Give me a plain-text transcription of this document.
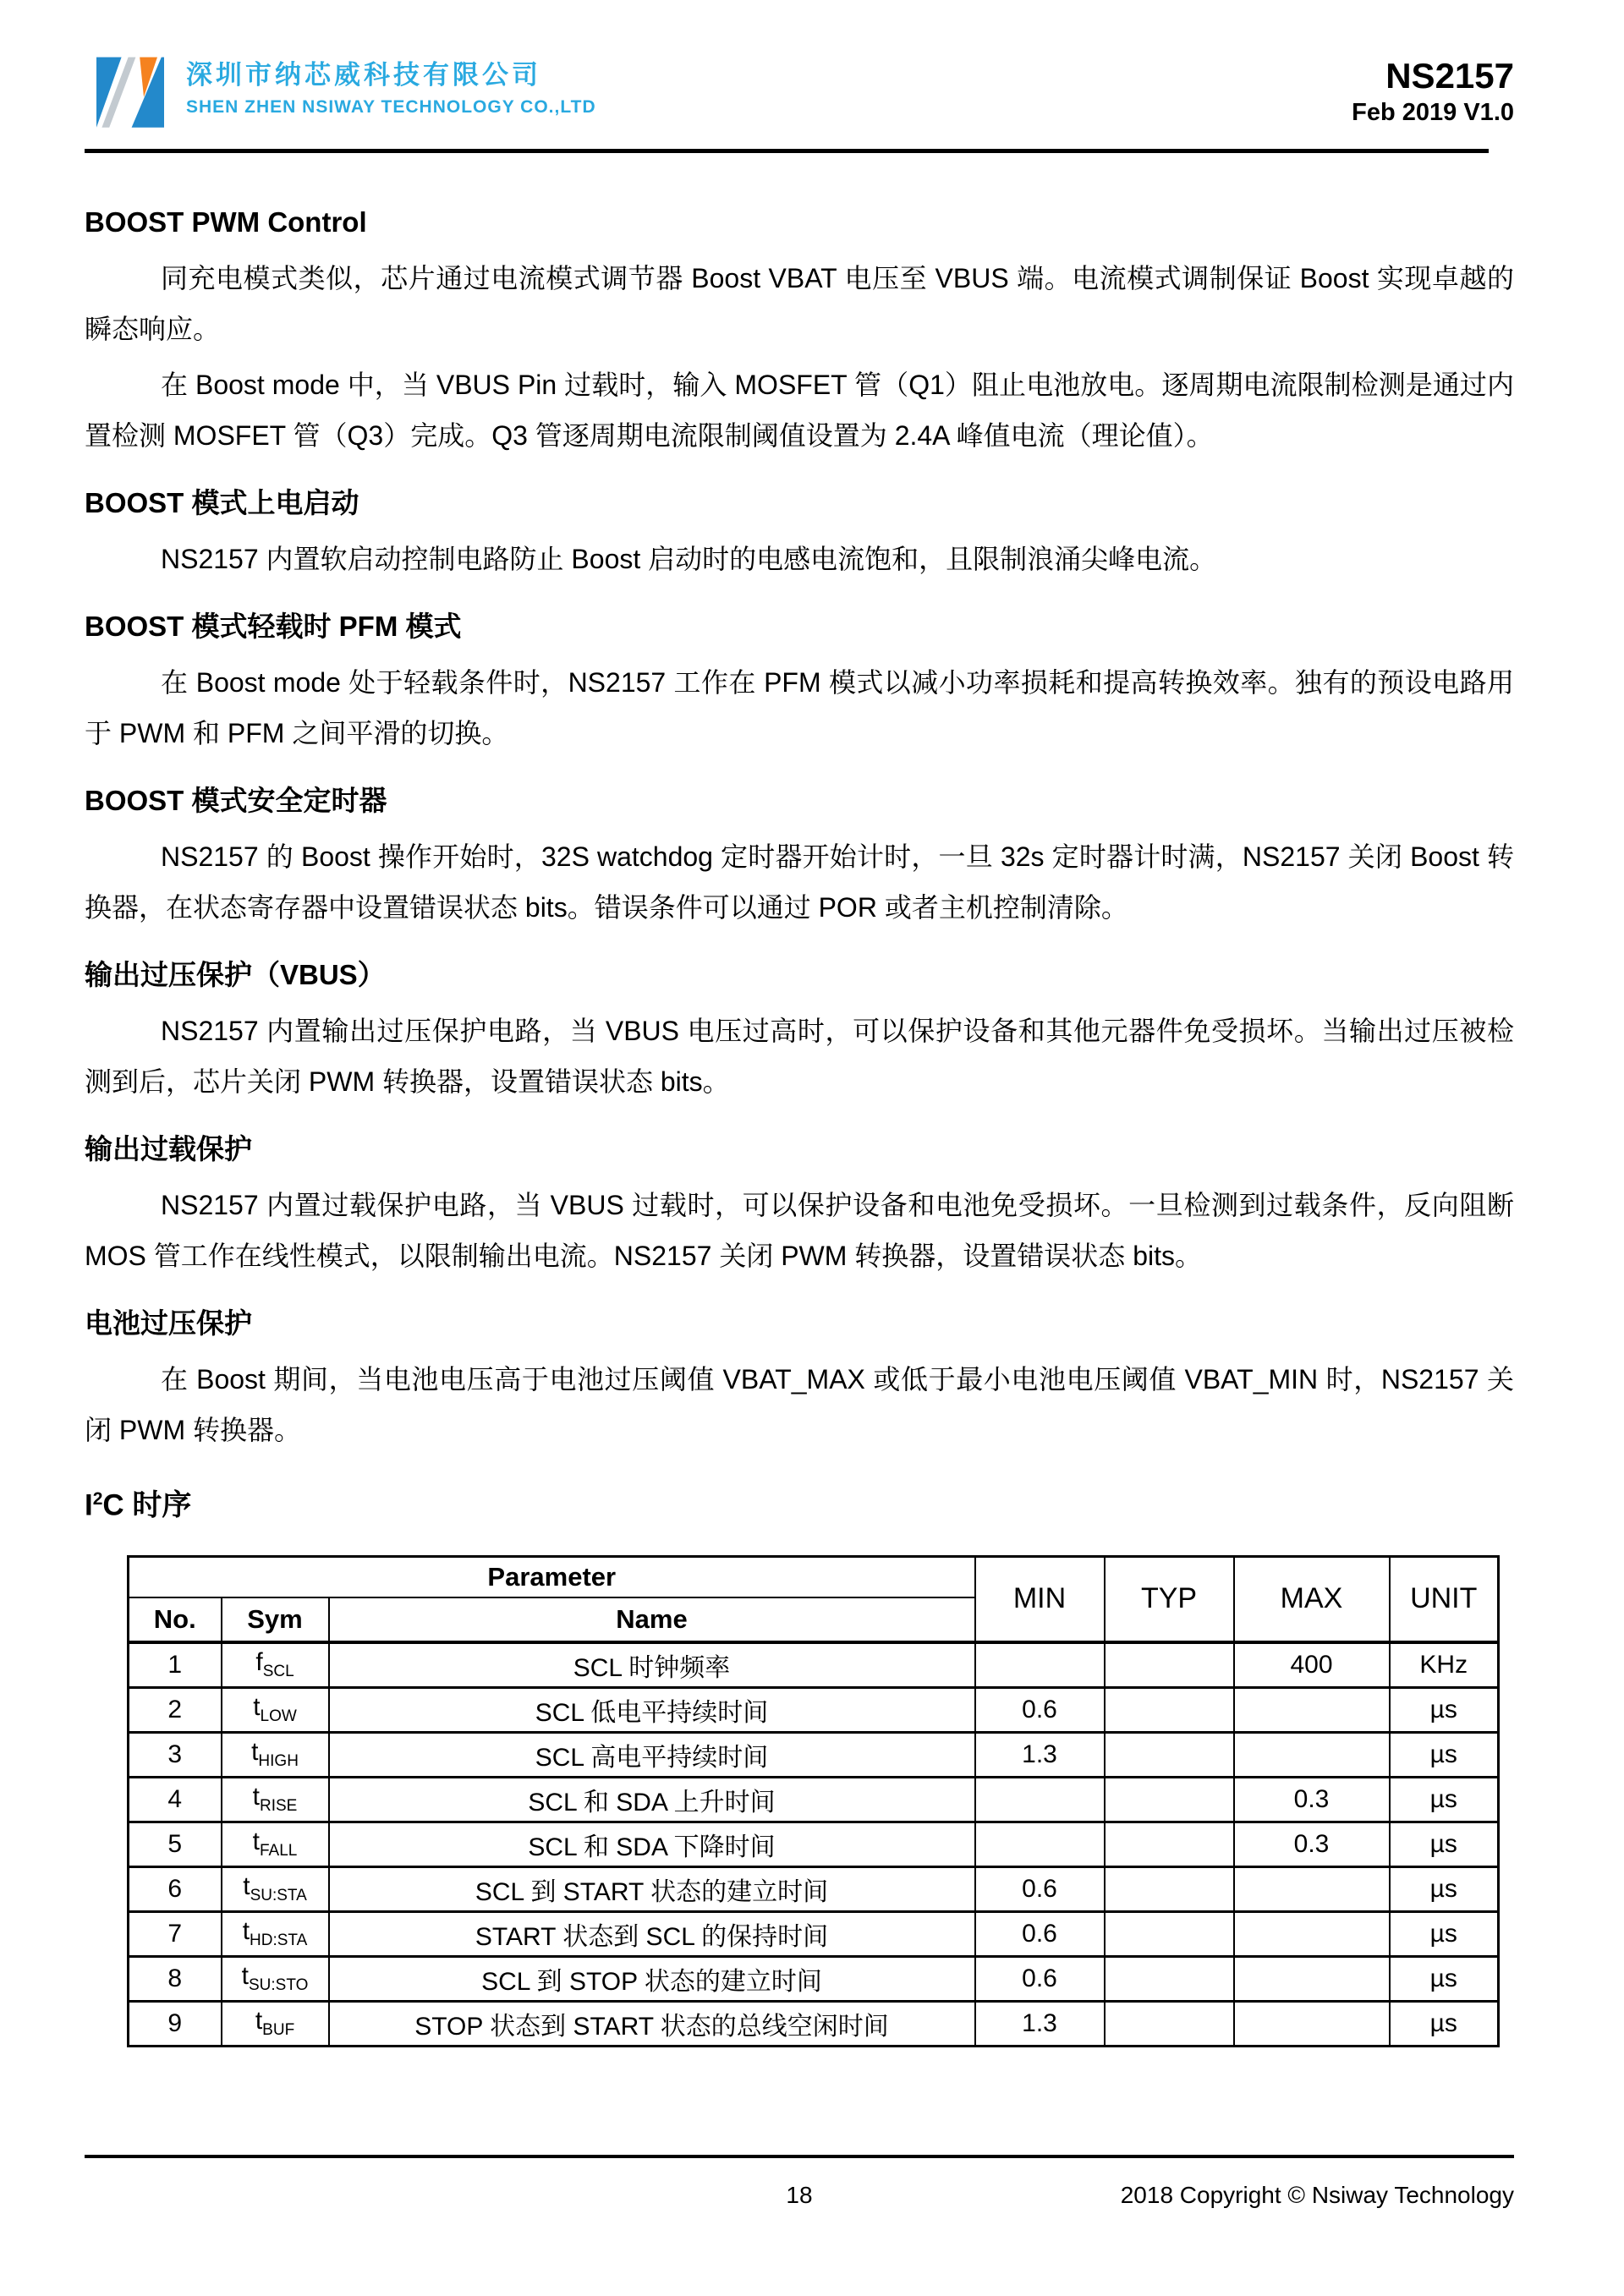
深圳市纳芯威科技有限公司
SHEN ZHEN NSIWAY TECHNOLOGY CO.,LTD
NS2157
Feb 2019 V1.0
BOOST PWM Control

同充电模式类似，芯片通过电流模式调节器 Boost VBAT 电压至 VBUS 端。电流模式调制保证 Boost 实现卓越的瞬态响应。

在 Boost mode 中，当 VBUS Pin 过载时，输入 MOSFET 管（Q1）阻止电池放电。逐周期电流限制检测是通过内置检测 MOSFET 管（Q3）完成。Q3 管逐周期电流限制阈值设置为 2.4A 峰值电流（理论值）。

BOOST 模式上电启动

NS2157 内置软启动控制电路防止 Boost 启动时的电感电流饱和，且限制浪涌尖峰电流。

BOOST 模式轻载时 PFM 模式

在 Boost mode 处于轻载条件时，NS2157 工作在 PFM 模式以减小功率损耗和提高转换效率。独有的预设电路用于 PWM 和 PFM 之间平滑的切换。

BOOST 模式安全定时器

NS2157 的 Boost 操作开始时，32S watchdog 定时器开始计时，一旦 32s 定时器计时满，NS2157 关闭 Boost 转换器，在状态寄存器中设置错误状态 bits。错误条件可以通过 POR 或者主机控制清除。

输出过压保护（VBUS）

NS2157 内置输出过压保护电路，当 VBUS 电压过高时，可以保护设备和其他元器件免受损坏。当输出过压被检测到后，芯片关闭 PWM 转换器，设置错误状态 bits。

输出过载保护

NS2157 内置过载保护电路，当 VBUS 过载时，可以保护设备和电池免受损坏。一旦检测到过载条件，反向阻断 MOS 管工作在线性模式，以限制输出电流。NS2157 关闭 PWM 转换器，设置错误状态 bits。

电池过压保护

在 Boost 期间，当电池电压高于电池过压阈值 VBAT_MAX 或低于最小电池电压阈值 VBAT_MIN 时，NS2157 关闭 PWM 转换器。

$I^2C$ 时序
Parameter			MIN	TYP	MAX	UNIT
No.	Sym	Name				
1	$f_{SCL}$	SCL 时钟频率			400	KHz
2	$t_{LOW}$	SCL 低电平持续时间	0.6			µs
3	$t_{HIGH}$	SCL 高电平持续时间	1.3			µs
4	$t_{RISE}$	SCL 和 SDA 上升时间			0.3	µs
5	$t_{FALL}$	SCL 和 SDA 下降时间			0.3	µs
6	$t_{SU:STA}$	SCL 到 START 状态的建立时间	0.6			µs
7	$t_{HD:STA}$	START 状态到 SCL 的保持时间	0.6			µs
8	$t_{SU:STO}$	SCL 到 STOP 状态的建立时间	0.6			µs
9	$t_{BUF}$	STOP 状态到 START 状态的总线空闲时间	1.3			µs
18	2018 Copyright © Nsiway Technology
